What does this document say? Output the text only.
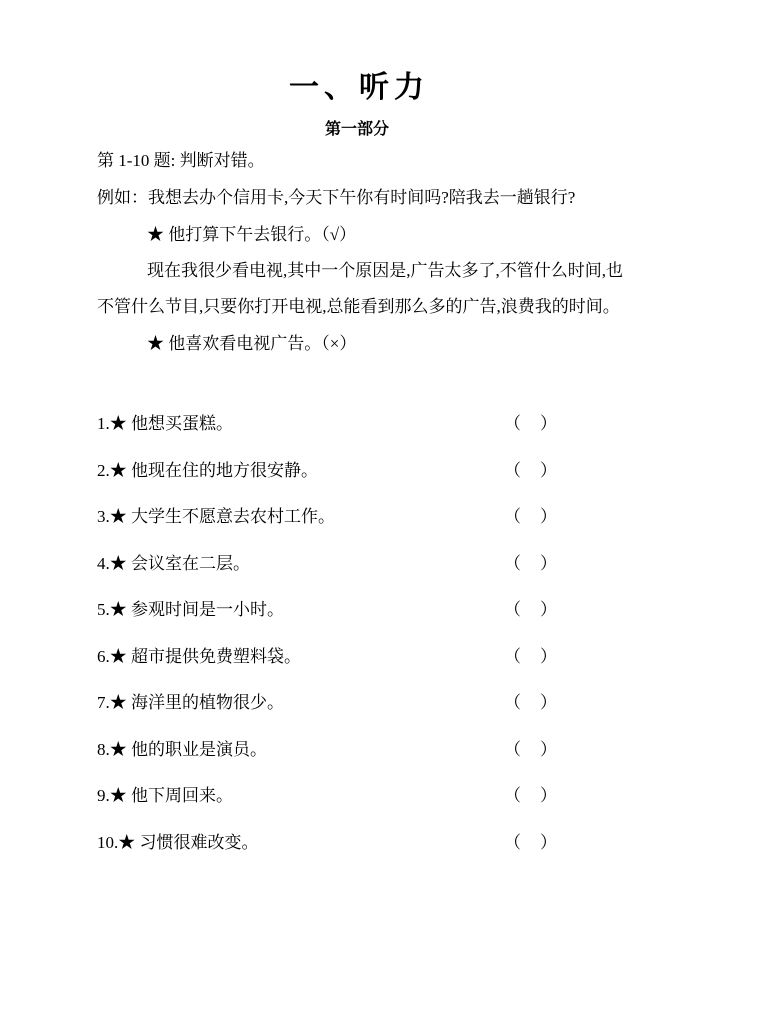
一、听力
第一部分
第 1-10 题: 判断对错。
例如：我想去办个信用卡,今天下午你有时间吗?陪我去一趟银行?
★ 他打算下午去银行。（√）
现在我很少看电视,其中一个原因是,广告太多了,不管什么时间,也
不管什么节目,只要你打开电视,总能看到那么多的广告,浪费我的时间。
★ 他喜欢看电视广告。（×）
1.★ 他想买蛋糕。	（　）
2.★ 他现在住的地方很安静。	（　）
3.★ 大学生不愿意去农村工作。	（　）
4.★ 会议室在二层。	（　）
5.★ 参观时间是一小时。	（　）
6.★ 超市提供免费塑料袋。	（　）
7.★ 海洋里的植物很少。	（　）
8.★ 他的职业是演员。	（　）
9.★ 他下周回来。	（　）
10.★ 习惯很难改变。	（　）
